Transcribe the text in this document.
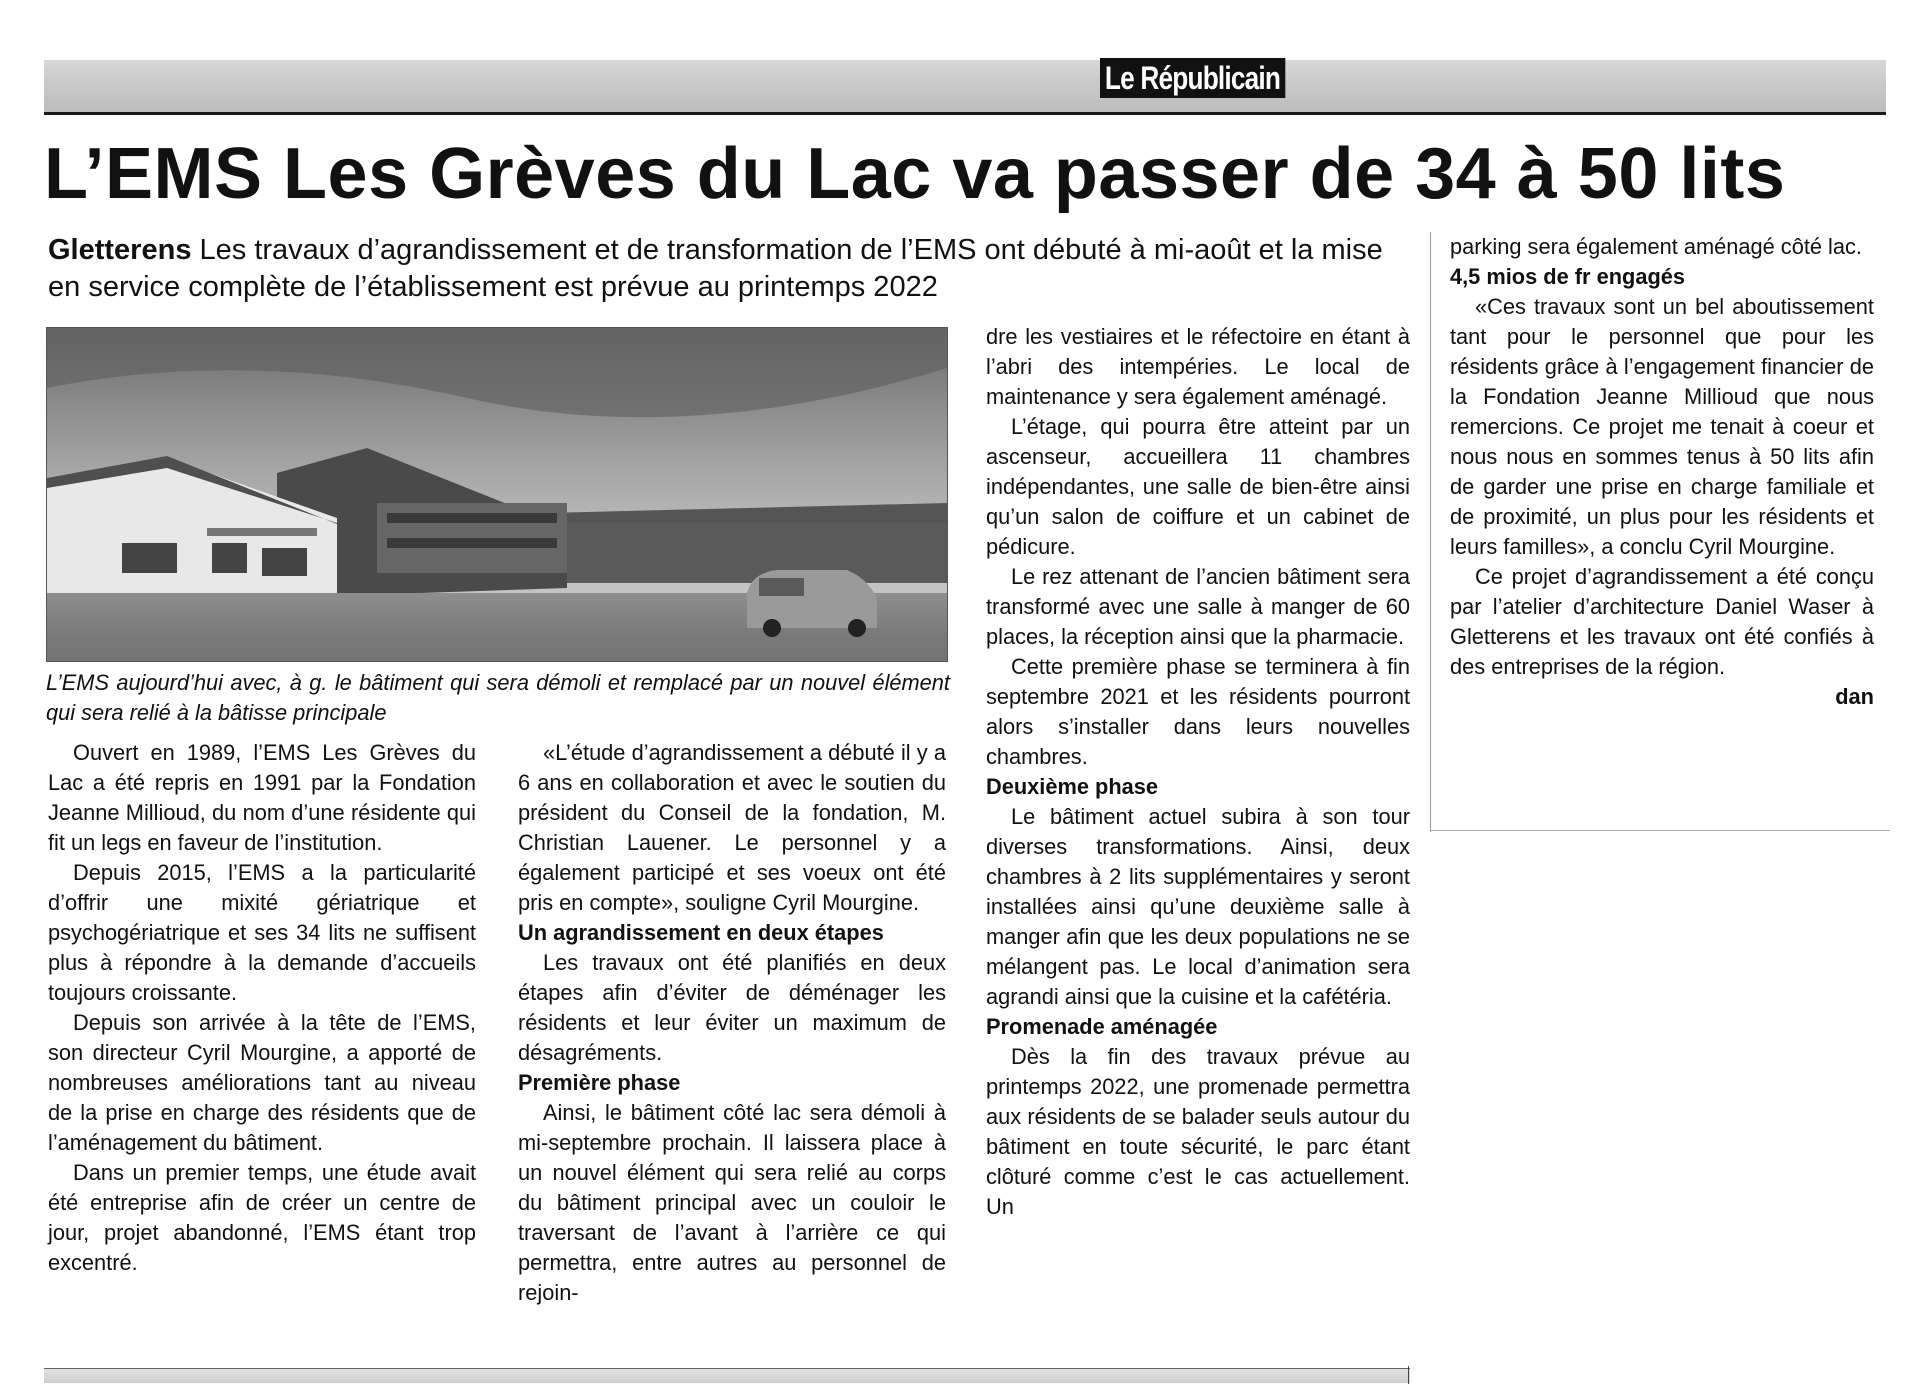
Le Républicain
L’EMS Les Grèves du Lac va passer de 34 à 50 lits
Gletterens Les travaux d’agrandissement et de transformation de l’EMS ont débuté à mi-août et la mise en service complète de l’établissement est prévue au printemps 2022
L’EMS aujourd’hui avec, à g. le bâtiment qui sera démoli et remplacé par un nouvel élément qui sera relié à la bâtisse principale

Ouvert en 1989, l’EMS Les Grèves du Lac a été repris en 1991 par la Fondation Jeanne Millioud, du nom d’une résidente qui fit un legs en faveur de l’institution.

Depuis 2015, l’EMS a la particularité d’offrir une mixité gériatrique et psychogériatrique et ses 34 lits ne suffisent plus à répondre à la demande d’accueils toujours croissante.

Depuis son arrivée à la tête de l’EMS, son directeur Cyril Mourgine, a apporté de nombreuses améliorations tant au niveau de la prise en charge des résidents que de l’aménagement du bâtiment.

Dans un premier temps, une étude avait été entreprise afin de créer un centre de jour, projet abandonné, l’EMS étant trop excentré.

«L’étude d’agrandissement a débuté il y a 6 ans en collaboration et avec le soutien du président du Conseil de la fondation, M. Christian Lauener. Le personnel y a également participé et ses voeux ont été pris en compte», souligne Cyril Mourgine.

Un agrandissement en deux étapes

Les travaux ont été planifiés en deux étapes afin d’éviter de déménager les résidents et leur éviter un maximum de désagréments.

Première phase

Ainsi, le bâtiment côté lac sera démoli à mi-septembre prochain. Il laissera place à un nouvel élément qui sera relié au corps du bâtiment principal avec un couloir le traversant de l’avant à l’arrière ce qui permettra, entre autres au personnel de rejoin-

dre les vestiaires et le réfectoire en étant à l’abri des intempéries. Le local de maintenance y sera également aménagé.

L’étage, qui pourra être atteint par un ascenseur, accueillera 11 chambres indépendantes, une salle de bien-être ainsi qu’un salon de coiffure et un cabinet de pédicure.

Le rez attenant de l’ancien bâtiment sera transformé avec une salle à manger de 60 places, la réception ainsi que la pharmacie.

Cette première phase se terminera à fin septembre 2021 et les résidents pourront alors s’installer dans leurs nouvelles chambres.

Deuxième phase

Le bâtiment actuel subira à son tour diverses transformations. Ainsi, deux chambres à 2 lits supplémentaires y seront installées ainsi qu’une deuxième salle à manger afin que les deux populations ne se mélangent pas. Le local d’animation sera agrandi ainsi que la cuisine et la cafétéria.

Promenade aménagée

Dès la fin des travaux prévue au printemps 2022, une promenade permettra aux résidents de se balader seuls autour du bâtiment en toute sécurité, le parc étant clôturé comme c’est le cas actuellement. Un

parking sera également aménagé côté lac.

4,5 mios de fr engagés

«Ces travaux sont un bel aboutissement tant pour le personnel que pour les résidents grâce à l’engagement financier de la Fondation Jeanne Millioud que nous remercions. Ce projet me tenait à coeur et nous nous en sommes tenus à 50 lits afin de garder une prise en charge familiale et de proximité, un plus pour les résidents et leurs familles», a conclu Cyril Mourgine.

Ce projet d’agrandissement a été conçu par l’atelier d’architecture Daniel Waser à Gletterens et les travaux ont été confiés à des entreprises de la région.

dan
